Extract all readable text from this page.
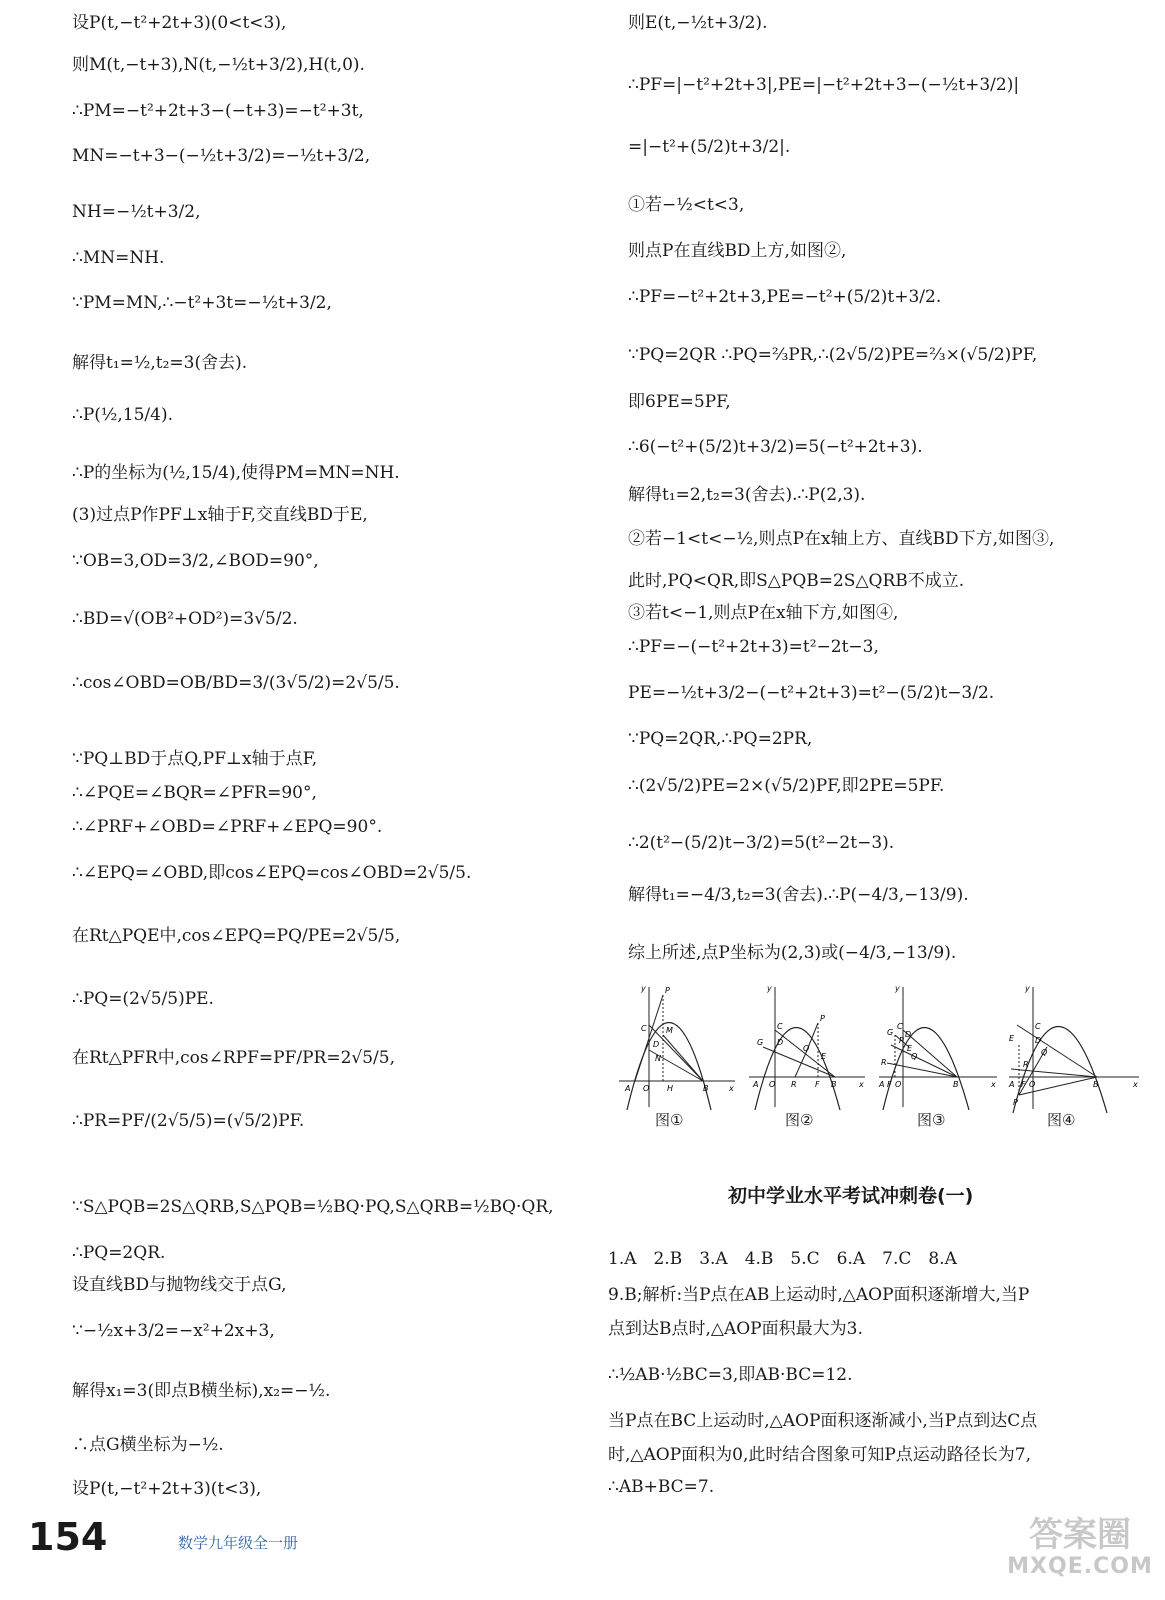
设P(t,−t²+2t+3)(0<t<3),
则M(t,−t+3),N(t,−½t+3/2),H(t,0).
∴PM=−t²+2t+3−(−t+3)=−t²+3t,
MN=−t+3−(−½t+3/2)=−½t+3/2,
NH=−½t+3/2,
∴MN=NH.
∵PM=MN,∴−t²+3t=−½t+3/2,
解得t₁=½,t₂=3(舍去).
∴P(½,15/4).
∴P的坐标为(½,15/4),使得PM=MN=NH.
(3)过点P作PF⊥x轴于F,交直线BD于E,
∵OB=3,OD=3/2,∠BOD=90°,
∴BD=√(OB²+OD²)=3√5/2.
∴cos∠OBD=OB/BD=3/(3√5/2)=2√5/5.
∵PQ⊥BD于点Q,PF⊥x轴于点F,
∴∠PQE=∠BQR=∠PFR=90°,
∴∠PRF+∠OBD=∠PRF+∠EPQ=90°.
∴∠EPQ=∠OBD,即cos∠EPQ=cos∠OBD=2√5/5.
在Rt△PQE中,cos∠EPQ=PQ/PE=2√5/5,
∴PQ=(2√5/5)PE.
在Rt△PFR中,cos∠RPF=PF/PR=2√5/5,
∴PR=PF/(2√5/5)=(√5/2)PF.
∵S△PQB=2S△QRB,S△PQB=½BQ·PQ,S△QRB=½BQ·QR,
∴PQ=2QR.
设直线BD与抛物线交于点G,
∵−½x+3/2=−x²+2x+3,
解得x₁=3(即点B横坐标),x₂=−½.
∴点G横坐标为−½.
设P(t,−t²+2t+3)(t<3),
则E(t,−½t+3/2).
∴PF=|−t²+2t+3|,PE=|−t²+2t+3−(−½t+3/2)|
=|−t²+(5/2)t+3/2|.
①若−½<t<3,
则点P在直线BD上方,如图②,
∴PF=−t²+2t+3,PE=−t²+(5/2)t+3/2.
∵PQ=2QR ∴PQ=⅔PR,∴(2√5/2)PE=⅔×(√5/2)PF,
即6PE=5PF,
∴6(−t²+(5/2)t+3/2)=5(−t²+2t+3).
解得t₁=2,t₂=3(舍去).∴P(2,3).
②若−1<t<−½,则点P在x轴上方、直线BD下方,如图③,
此时,PQ<QR,即S△PQB=2S△QRB不成立.
③若t<−1,则点P在x轴下方,如图④,
∴PF=−(−t²+2t+3)=t²−2t−3,
PE=−½t+3/2−(−t²+2t+3)=t²−(5/2)t−3/2.
∵PQ=2QR,∴PQ=2PR,
∴(2√5/2)PE=2×(√5/2)PF,即2PE=5PF.
∴2(t²−(5/2)t−3/2)=5(t²−2t−3).
解得t₁=−4/3,t₂=3(舍去).∴P(−4/3,−13/9).
综上所述,点P坐标为(2,3)或(−4/3,−13/9).
y P
C M
D
N
A O H	B	x
图①
y
P
C
G D
Q
E
A O R F B	x
图②
y
C
G D
P
E
Q
R
A F O	B	x
图③
y
C
E	D
Q
R
A F O	B	x
P
图④
初中学业水平考试冲刺卷(一)
1.A　2.B　3.A　4.B　5.C　6.A　7.C　8.A
9.B;解析:当P点在AB上运动时,△AOP面积逐渐增大,当P
点到达B点时,△AOP面积最大为3.
∴½AB·½BC=3,即AB·BC=12.
当P点在BC上运动时,△AOP面积逐渐减小,当P点到达C点
时,△AOP面积为0,此时结合图象可知P点运动路径长为7,
∴AB+BC=7.
154	数学九年级全一册	答案圈
MXQE.COM
